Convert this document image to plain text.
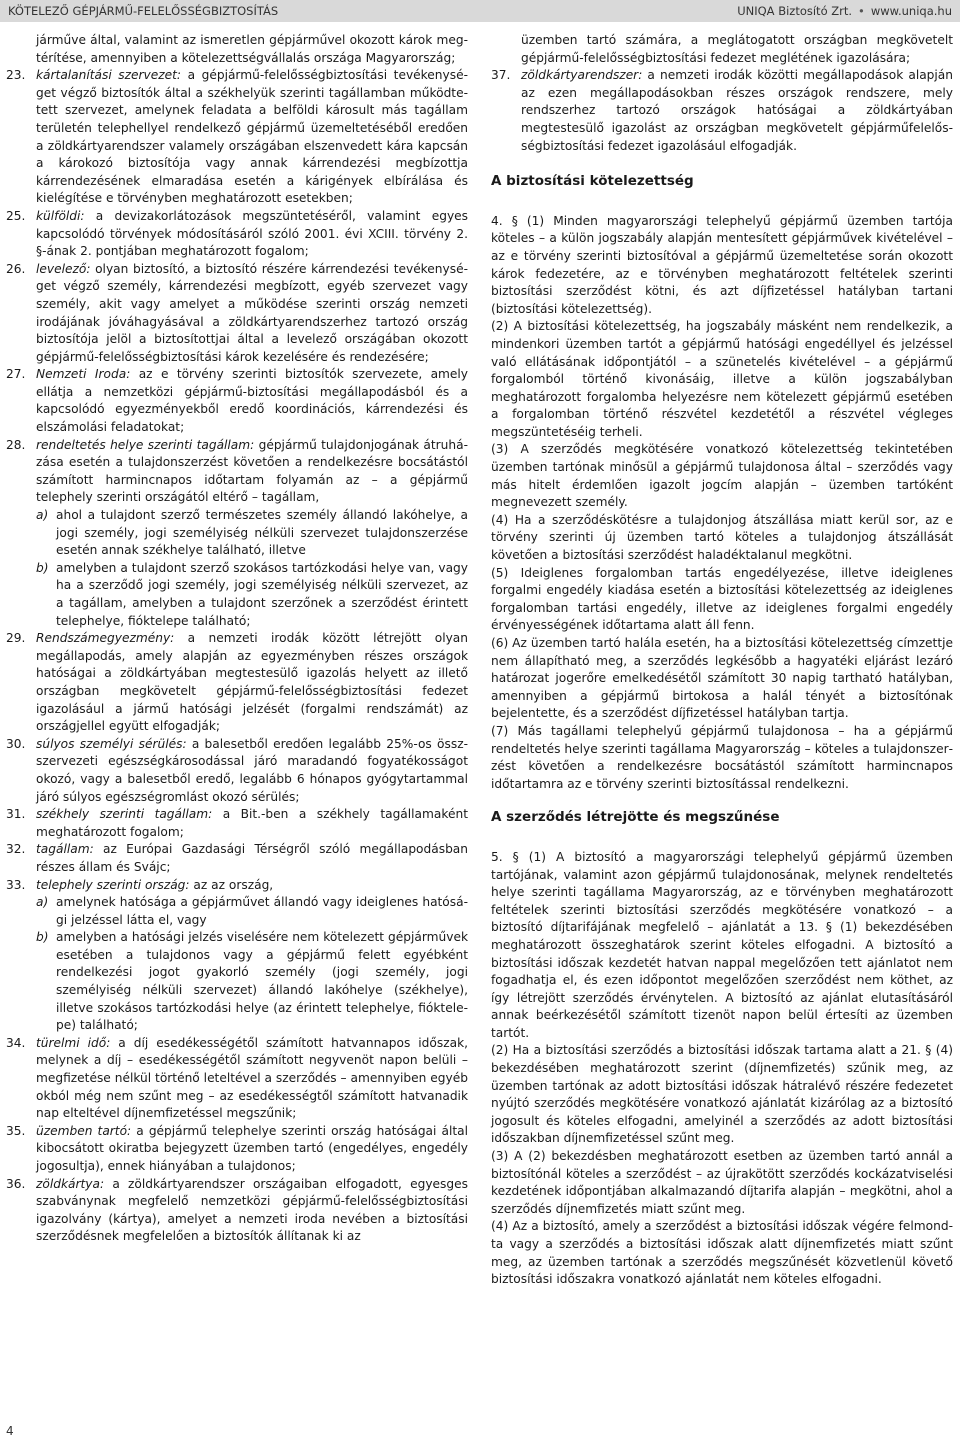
KÖTELEZŐ GÉPJÁRMŰ-FELELŐSSÉGBIZTOSÍTÁS	UNIQA Biztosító Zrt. • www.uniqa.hu

járműve által, valamint az ismeretlen gépjárművel okozott károk megtérítése, amennyiben a kötelezettségvállalás országa Magyarország;

23. kártalanítási szervezet: a gépjármű-felelősségbiztosítási tevékenységet végző biztosítók által a székhelyük szerinti tagállamban működtetett szervezet, amelynek feladata a belföldi károsult más tagállam területén telephellyel rendelkező gépjármű üzemeltetéséből eredően a zöldkártyarendszer valamely országában elszenvedett kára kapcsán a károkozó biztosítója vagy annak kárrendezési megbízottja kárrendezésének elmaradása esetén a kárigények elbírálása és kielégítése e törvényben meghatározott esetekben;

25. külföldi: a devizakorlátozások megszüntetéséről, valamint egyes kapcsolódó törvények módosításáról szóló 2001. évi XCIII. törvény 2. §-ának 2. pontjában meghatározott fogalom;

26. levelező: olyan biztosító, a biztosító részére kárrendezési tevékenységet végző személy, kárrendezési megbízott, egyéb szervezet vagy személy, akit vagy amelyet a működése szerinti ország nemzeti irodájának jóváhagyásával a zöldkártyarendszerhez tartozó ország biztosítója jelöl a biztosítottjai által a levelező országában okozott gépjármű-felelősségbiztosítási károk kezelésére és rendezésére;

27. Nemzeti Iroda: az e törvény szerinti biztosítók szervezete, amely ellátja a nemzetközi gépjármű-biztosítási megállapodásból és a kapcsolódó egyezményekből eredő koordinációs, kárrendezési és elszámolási feladatokat;

28. rendeltetés helye szerinti tagállam: gépjármű tulajdonjogának átruházása esetén a tulajdonszerzést követően a rendelkezésre bocsátástól számított harmincnapos időtartam folyamán az – a gépjármű telephely szerinti országától eltérő – tagállam,

a) ahol a tulajdont szerző természetes személy állandó lakóhelye, a jogi személy, jogi személyiség nélküli szervezet tulajdonszerzése esetén annak székhelye található, illetve

b) amelyben a tulajdont szerző szokásos tartózkodási helye van, vagy ha a szerződő jogi személy, jogi személyiség nélküli szervezet, az a tagállam, amelyben a tulajdont szerzőnek a szerződést érintett telephelye, fióktelepe található;

29. Rendszámegyezmény: a nemzeti irodák között létrejött olyan megállapodás, amely alapján az egyezményben részes országok hatóságai a zöldkártyában megtestesülő igazolás helyett az illető országban megkövetelt gépjármű-felelősségbiztosítási fedezet igazolásául a jármű hatósági jelzését (forgalmi rendszámát) az országjellel együtt elfogadják;

30. súlyos személyi sérülés: a balesetből eredően legalább 25%-os összszervezeti egészségkárosodással járó maradandó fogyatékosságot okozó, vagy a balesetből eredő, legalább 6 hónapos gyógytartammal járó súlyos egészségromlást okozó sérülés;

31. székhely szerinti tagállam: a Bit.-ben a székhely tagállamaként meghatározott fogalom;

32. tagállam: az Európai Gazdasági Térségről szóló megállapodásban részes állam és Svájc;

33. telephely szerinti ország: az az ország,

a) amelynek hatósága a gépjárművet állandó vagy ideiglenes hatósági jelzéssel látta el, vagy

b) amelyben a hatósági jelzés viselésére nem kötelezett gépjárművek esetében a tulajdonos vagy a gépjármű felett egyébként rendelkezési jogot gyakorló személy (jogi személy, jogi személyiség nélküli szervezet) állandó lakóhelye (székhelye), illetve szokásos tartózkodási helye (az érintett telephelye, fióktelepe) található;

34. türelmi idő: a díj esedékességétől számított hatvannapos időszak, melynek a díj – esedékességétől számított negyvenöt napon belüli – megfizetése nélkül történő leteltével a szerződés – amennyiben egyéb okból még nem szűnt meg – az esedékességtől számított hatvanadik nap elteltével díjnemfizetéssel megszűnik;

35. üzemben tartó: a gépjármű telephelye szerinti ország hatóságai által kibocsátott okiratba bejegyzett üzemben tartó (engedélyes, engedély jogosultja), ennek hiányában a tulajdonos;

36. zöldkártya: a zöldkártyarendszer országaiban elfogadott, egyesges szabványnak megfelelő nemzetközi gépjármű-felelősségbiztosítási igazolvány (kártya), amelyet a nemzeti iroda nevében a biztosítási szerződésnek megfelelően a biztosítók állítanak ki az

üzemben tartó számára, a meglátogatott országban megkövetelt gépjármű-felelősségbiztosítási fedezet meglétének igazolására;

37. zöldkártyarendszer: a nemzeti irodák közötti megállapodások alapján az ezen megállapodásokban részes országok rendszere, mely rendszerhez tartozó országok hatóságai a zöldkártyában megtestesülő igazolást az országban megkövetelt gépjárműfelelősségbiztosítási fedezet igazolásául elfogadják.

A biztosítási kötelezettség

4. § (1) Minden magyarországi telephelyű gépjármű üzemben tartója köteles – a külön jogszabály alapján mentesített gépjárművek kivételével – az e törvény szerinti biztosítóval a gépjármű üzemeltetése során okozott károk fedezetére, az e törvényben meghatározott feltételek szerinti biztosítási szerződést kötni, és azt díjfizetéssel hatályban tartani (biztosítási kötelezettség).

(2) A biztosítási kötelezettség, ha jogszabály másként nem rendelkezik, a mindenkori üzemben tartót a gépjármű hatósági engedéllyel és jelzéssel való ellátásának időpontjától – a szünetelés kivételével – a gépjármű forgalomból történő kivonásáig, illetve a külön jogszabályban meghatározott forgalomba helyezésre nem kötelezett gépjármű esetében a forgalomban történő részvétel kezdetétől a részvétel végleges megszüntetéséig terheli.

(3) A szerződés megkötésére vonatkozó kötelezettség tekintetében üzemben tartónak minősül a gépjármű tulajdonosa által – szerződés vagy más hitelt érdemlően igazolt jogcím alapján – üzemben tartóként megnevezett személy.

(4) Ha a szerződéskötésre a tulajdonjog átszállása miatt kerül sor, az e törvény szerinti új üzemben tartó köteles a tulajdonjog átszállását követően a biztosítási szerződést haladéktalanul megkötni.

(5) Ideiglenes forgalomban tartás engedélyezése, illetve ideiglenes forgalmi engedély kiadása esetén a biztosítási kötelezettség az ideiglenes forgalomban tartási engedély, illetve az ideiglenes forgalmi engedély érvényességének időtartama alatt áll fenn.

(6) Az üzemben tartó halála esetén, ha a biztosítási kötelezettség címzettje nem állapítható meg, a szerződés legkésőbb a hagyatéki eljárást lezáró határozat jogerőre emelkedésétől számított 30 napig tartható hatályban, amennyiben a gépjármű birtokosa a halál tényét a biztosítónak bejelentette, és a szerződést díjfizetéssel hatályban tartja.

(7) Más tagállami telephelyű gépjármű tulajdonosa – ha a gépjármű rendeltetés helye szerinti tagállama Magyarország – köteles a tulajdonszerzést követően a rendelkezésre bocsátástól számított harmincnapos időtartamra az e törvény szerinti biztosítással rendelkezni.

A szerződés létrejötte és megszűnése

5. § (1) A biztosító a magyarországi telephelyű gépjármű üzemben tartójának, valamint azon gépjármű tulajdonosának, melynek rendeltetés helye szerinti tagállama Magyarország, az e törvényben meghatározott feltételek szerinti biztosítási szerződés megkötésére vonatkozó – a biztosító díjtarifájának megfelelő – ajánlatát a 13. § (1) bekezdésében meghatározott összeghatárok szerint köteles elfogadni. A biztosító a biztosítási időszak kezdetét hatvan nappal megelőzően tett ajánlatot nem fogadhatja el, és ezen időpontot megelőzően szerződést nem köthet, az így létrejött szerződés érvénytelen. A biztosító az ajánlat elutasításáról annak beérkezésétől számított tizenöt napon belül értesíti az üzemben tartót.

(2) Ha a biztosítási szerződés a biztosítási időszak tartama alatt a 21. § (4) bekezdésében meghatározott szerint (díjnemfizetés) szűnik meg, az üzemben tartónak az adott biztosítási időszak hátralévő részére fedezetet nyújtó szerződés megkötésére vonatkozó ajánlatát kizárólag az a biztosító jogosult és köteles elfogadni, amelyinél a szerződés az adott biztosítási időszakban díjnemfizetéssel szűnt meg.

(3) A (2) bekezdésben meghatározott esetben az üzemben tartó annál a biztosítónál köteles a szerződést – az újrakötött szerződés kockázatviselési kezdetének időpontjában alkalmazandó díjtarifa alapján – megkötni, ahol a szerződés díjnemfizetés miatt szűnt meg.

(4) Az a biztosító, amely a szerződést a biztosítási időszak végére felmondta vagy a szerződés a biztosítási időszak alatt díjnemfizetés miatt szűnt meg, az üzemben tartónak a szerződés megszűnését közvetlenül követő biztosítási időszakra vonatkozó ajánlatát nem köteles elfogadni.

4
